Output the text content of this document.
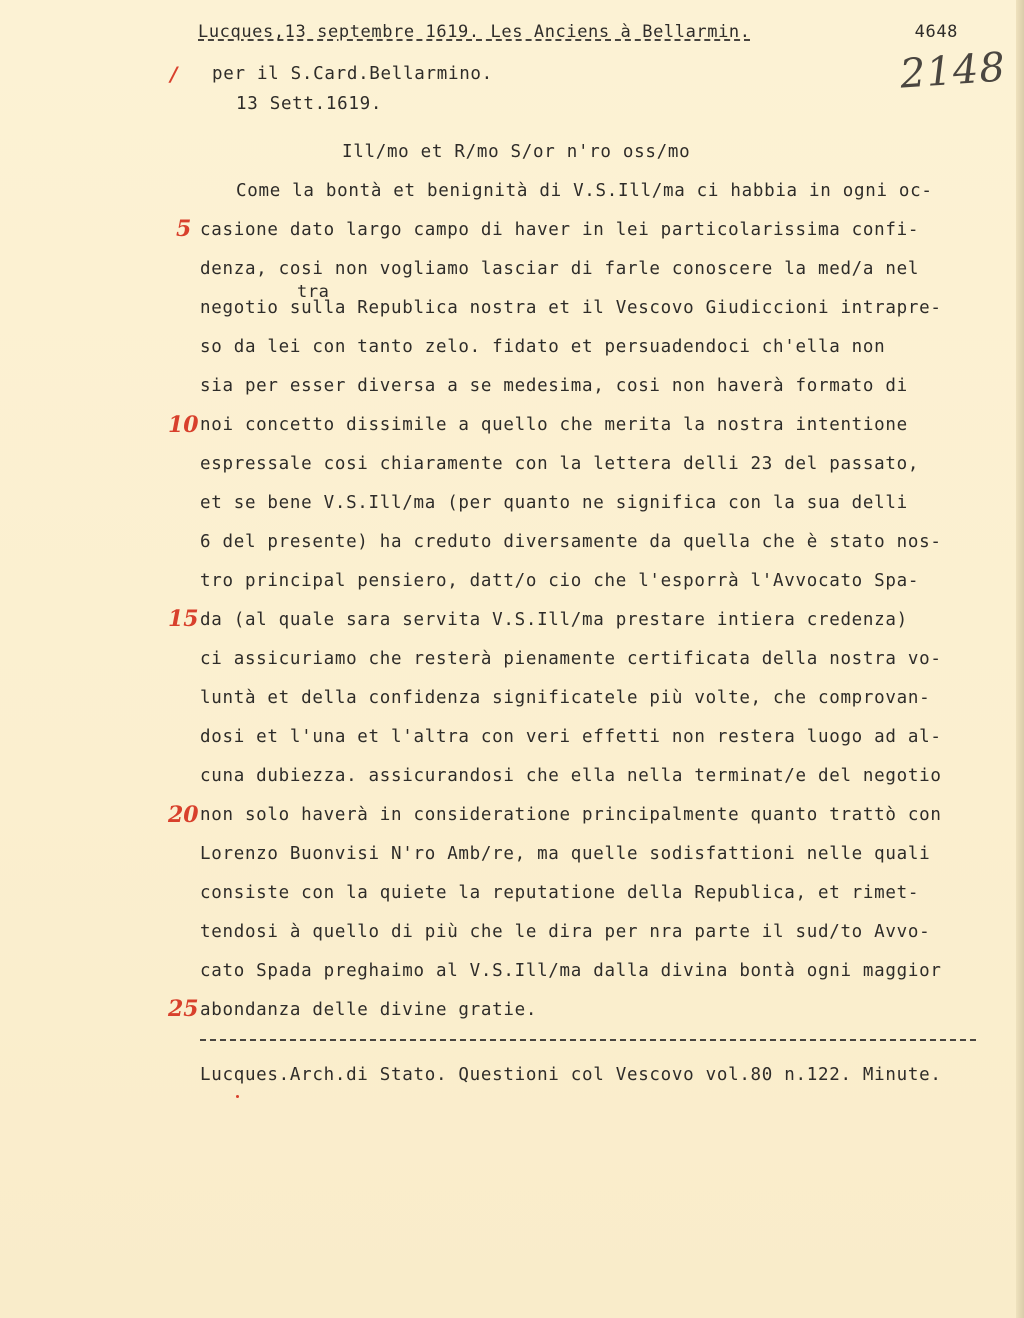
Lucques,13 septembre 1619. Les Anciens à Bellarmin.	4648
2148
/
5
10
15
20
25
per il S.Card.Bellarmino.
13 Sett.1619.
Ill/mo et R/mo S/or n'ro oss/mo
tra
Come la bontà et benignità di V.S.Ill/ma ci habbia in ogni oc-
casione dato largo campo di haver in lei particolarissima confi-
denza, cosi non vogliamo lasciar di farle conoscere la med/a nel
negotio sulla Republica nostra et il Vescovo Giudiccioni intrapre-
so da lei con tanto zelo. fidato et persuadendoci ch'ella non
sia per esser diversa a se medesima, cosi non haverà formato di
noi concetto dissimile a quello che merita la nostra intentione
espressale cosi chiaramente con la lettera delli 23 del passato,
et se bene V.S.Ill/ma (per quanto ne significa con la sua delli
6 del presente) ha creduto diversamente da quella che è stato nos-
tro principal pensiero, datt/o cio che l'esporrà l'Avvocato Spa-
da (al quale sara servita V.S.Ill/ma prestare intiera credenza)
ci assicuriamo che resterà pienamente certificata della nostra vo-
luntà et della confidenza significatele più volte, che comprovan-
dosi et l'una et l'altra con veri effetti non restera luogo ad al-
cuna dubiezza. assicurandosi che ella nella terminat/e del negotio
non solo haverà in consideratione principalmente quanto trattò con
Lorenzo Buonvisi N'ro Amb/re, ma quelle sodisfattioni nelle quali
consiste con la quiete la reputatione della Republica, et rimet-
tendosi à quello di più che le dira per nra parte il sud/to Avvo-
cato Spada preghaimo al V.S.Ill/ma dalla divina bontà ogni maggior
abondanza delle divine gratie.
Lucques.Arch.di Stato. Questioni col Vescovo vol.80 n.122. Minute.
